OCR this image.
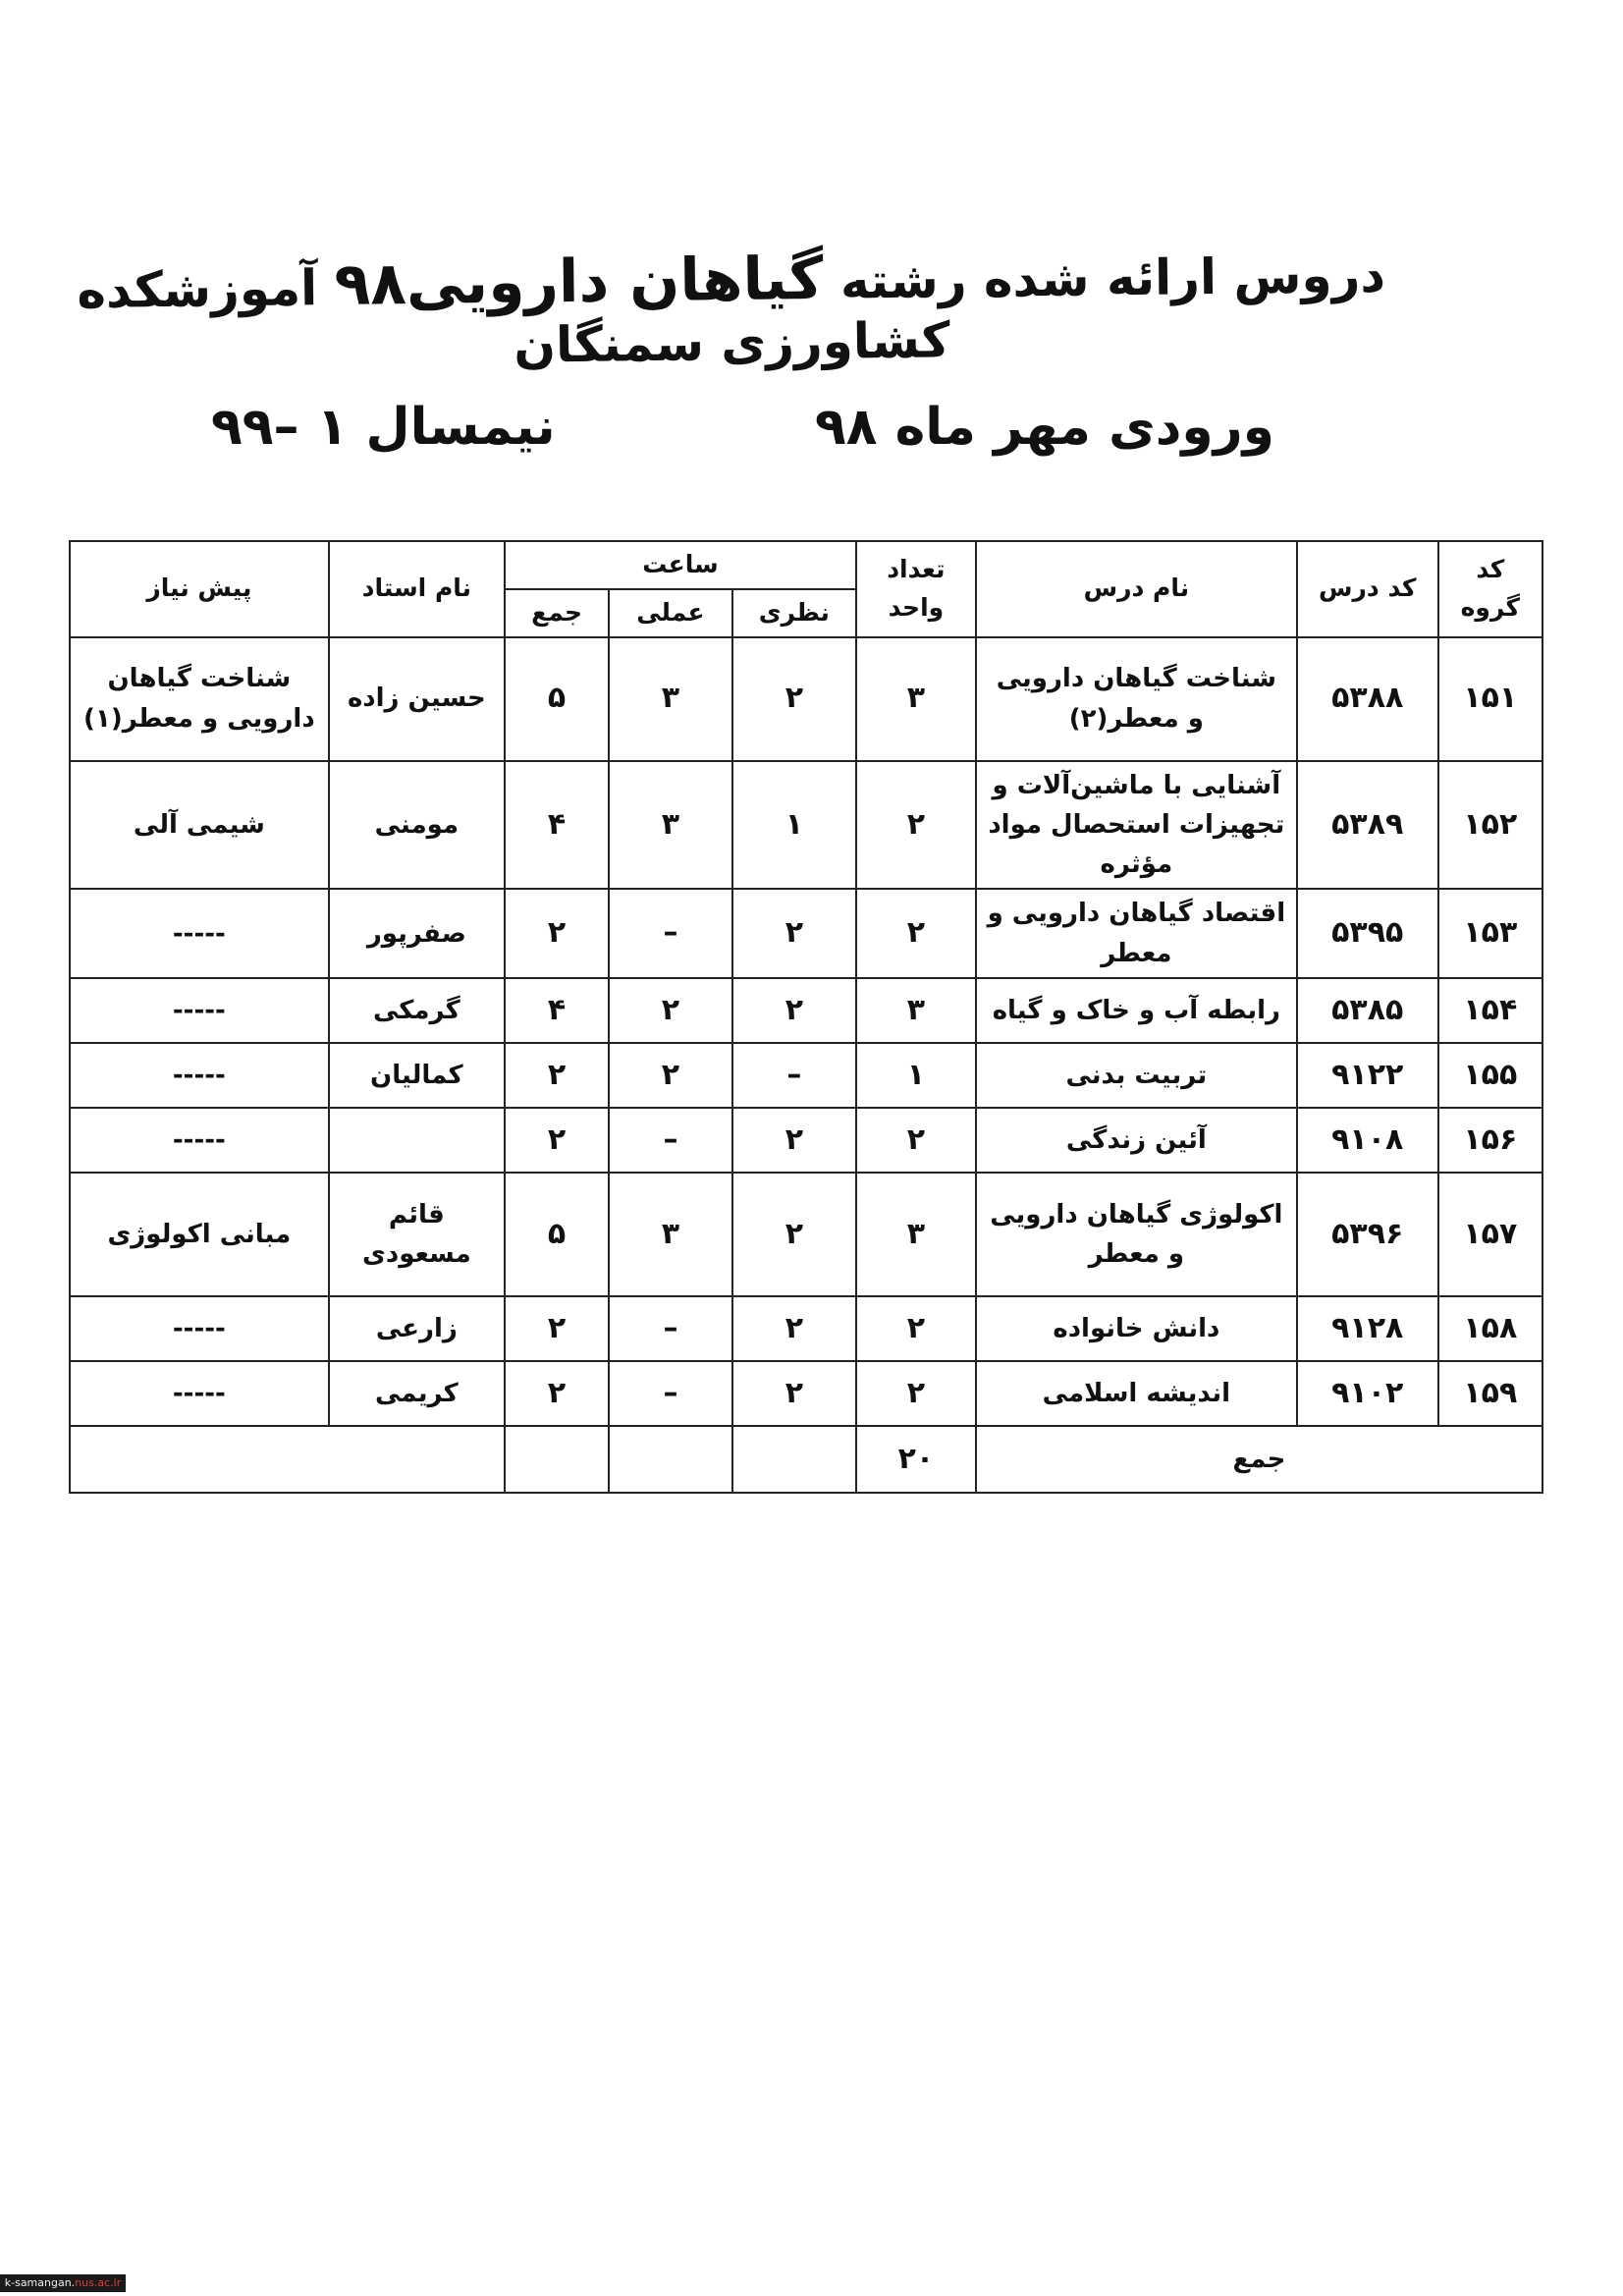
دروس ارائه شده رشته گیاهان دارویی۹۸ آموزشکده کشاورزی سمنگان
ورودی مهر ماه ۹۸
نیمسال ۱ –۹۹
کد گروه	کد درس	نام درس	تعداد واحد	ساعت			نام استاد	پیش نیاز
				نظری	عملی	جمع		
۱۵۱	۵۳۸۸	شناخت گیاهان دارویی و معطر(۲)	۳	۲	۳	۵	حسین زاده	شناخت گیاهان دارویی و معطر(۱)
۱۵۲	۵۳۸۹	آشنایی با ماشین‌آلات و تجهیزات استحصال مواد مؤثره	۲	۱	۳	۴	مومنی	شیمی آلی
۱۵۳	۵۳۹۵	اقتصاد گیاهان دارویی و معطر	۲	۲	–	۲	صفرپور	-----
۱۵۴	۵۳۸۵	رابطه آب و خاک و گیاه	۳	۲	۲	۴	گرمکی	-----
۱۵۵	۹۱۲۲	تربیت بدنی	۱	–	۲	۲	کمالیان	-----
۱۵۶	۹۱۰۸	آئین زندگی	۲	۲	–	۲		-----
۱۵۷	۵۳۹۶	اکولوژی گیاهان دارویی و معطر	۳	۲	۳	۵	قائم مسعودی	مبانی اکولوژی
۱۵۸	۹۱۲۸	دانش خانواده	۲	۲	–	۲	زارعی	-----
۱۵۹	۹۱۰۲	اندیشه اسلامی	۲	۲	–	۲	کریمی	-----
جمع			۲۰					
k-samangan.nus.ac.ir
